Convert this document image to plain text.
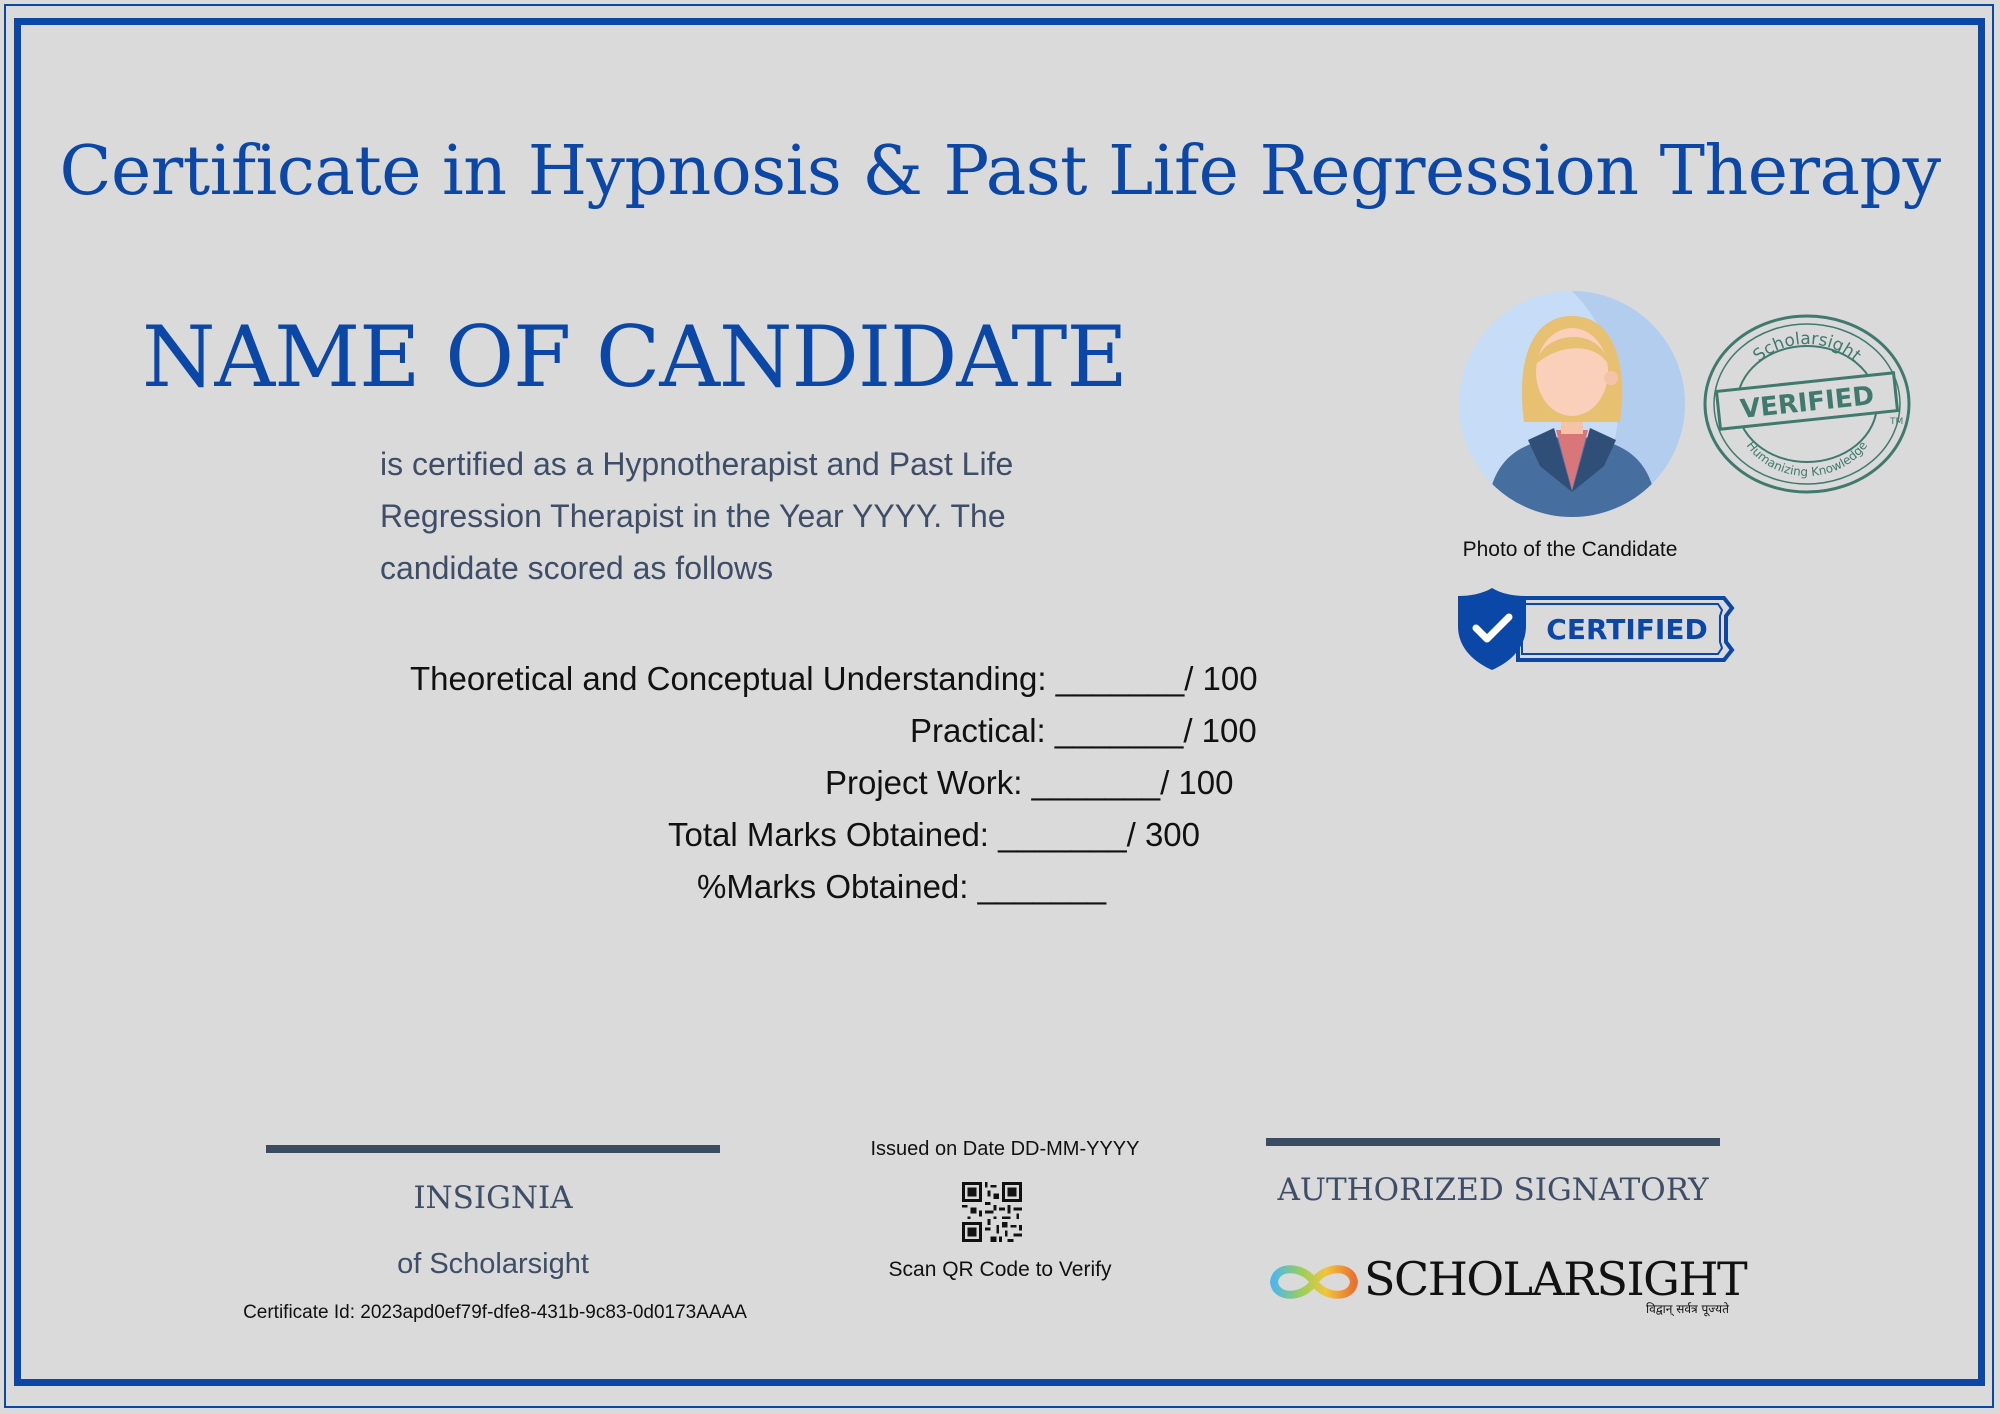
Certificate in Hypnosis & Past Life Regression Therapy
NAME OF CANDIDATE

is certified as a Hypnotherapist and Past Life
Regression Therapist in the Year YYYY. The
candidate scored as follows

Theoretical and Conceptual Understanding: _______/ 100
Practical: _______/ 100
Project Work: _______/ 100
Total Marks Obtained: _______/ 300
%Marks Obtained: _______
Photo of the Candidate
Scholarsight
VERIFIED
Humanizing Knowledge
TM
CERTIFIED
INSIGNIA
of Scholarsight
Certificate Id: 2023apd0ef79f-dfe8-431b-9c83-0d0173AAAA
Issued on Date DD-MM-YYYY
Scan QR Code to Verify
AUTHORIZED SIGNATORY
SCHOLARSIGHT
विद्वान् सर्वत्र पूज्यते
